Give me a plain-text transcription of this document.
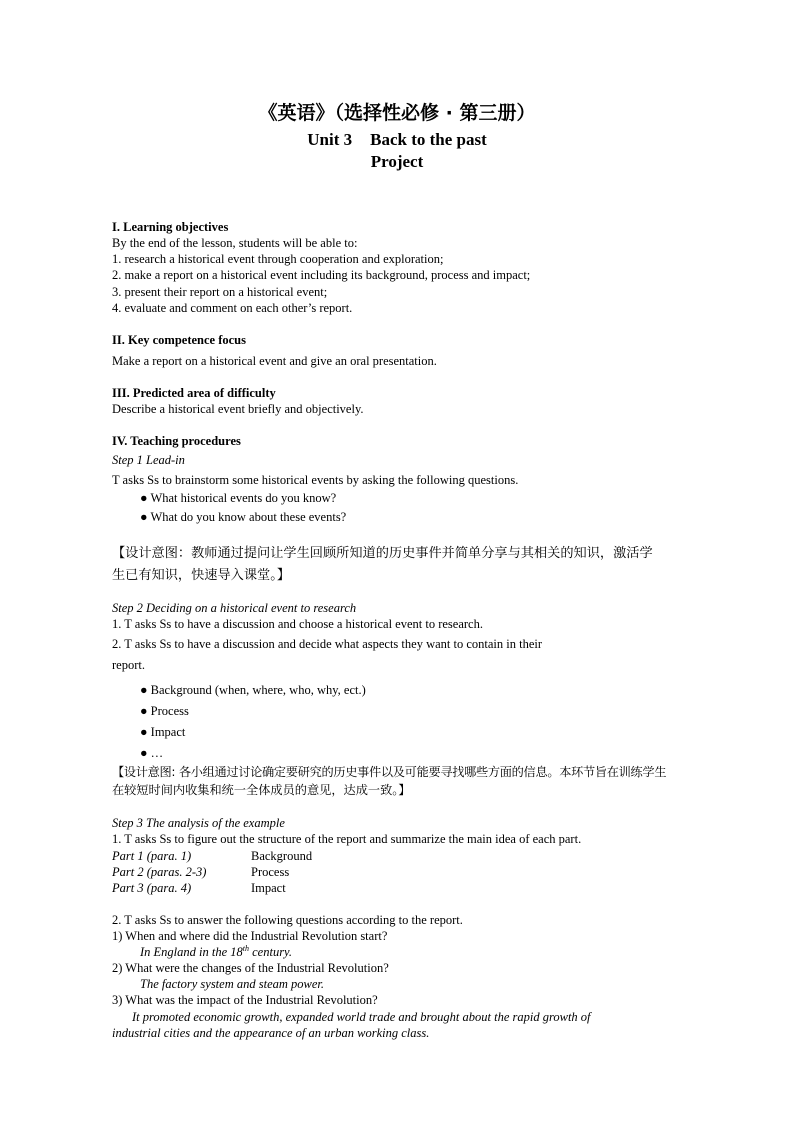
《英语》（选择性必修 · 第三册）
Unit 3 Back to the past
Project
I. Learning objectives
By the end of the lesson, students will be able to:
1. research a historical event through cooperation and exploration;
2. make a report on a historical event including its background, process and impact;
3. present their report on a historical event;
4. evaluate and comment on each other’s report.
II. Key competence focus
Make a report on a historical event and give an oral presentation.
III. Predicted area of difficulty
Describe a historical event briefly and objectively.
IV. Teaching procedures
Step 1 Lead-in
T asks Ss to brainstorm some historical events by asking the following questions.
● What historical events do you know?
● What do you know about these events?
【设计意图：教师通过提问让学生回顾所知道的历史事件并简单分享与其相关的知识，激活学
生已有知识，快速导入课堂。】
Step 2 Deciding on a historical event to research
1. T asks Ss to have a discussion and choose a historical event to research.
2. T asks Ss to have a discussion and decide what aspects they want to contain in their
report.
● Background (when, where, who, why, ect.)
● Process
● Impact
● …
【设计意图: 各小组通过讨论确定要研究的历史事件以及可能要寻找哪些方面的信息。本环节旨在训练学生
在较短时间内收集和统一全体成员的意见，达成一致。】
Step 3 The analysis of the example
1. T asks Ss to figure out the structure of the report and summarize the main idea of each part.
Part 1 (para. 1)	Background
Part 2 (paras. 2-3)	Process
Part 3 (para. 4)	Impact
2. T asks Ss to answer the following questions according to the report.
1) When and where did the Industrial Revolution start?
In England in the 18th century.
2) What were the changes of the Industrial Revolution?
The factory system and steam power.
3) What was the impact of the Industrial Revolution?
It promoted economic growth, expanded world trade and brought about the rapid growth of
industrial cities and the appearance of an urban working class.
